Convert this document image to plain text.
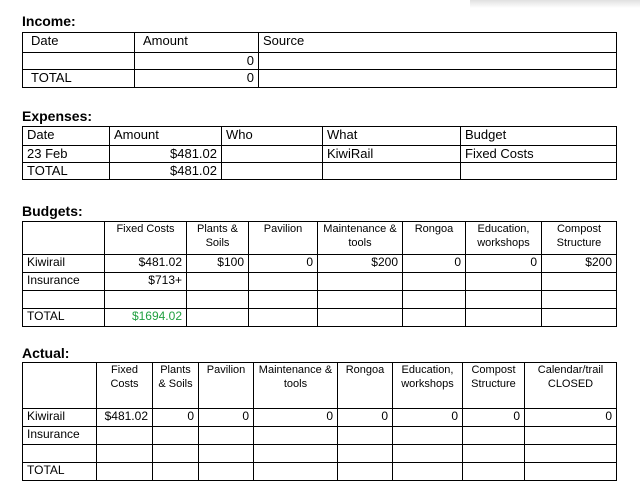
Income:
Date	Amount	Source
	0	
TOTAL	0	
Expenses:
Date	Amount	Who	What	Budget
23 Feb	$481.02		KiwiRail	Fixed Costs
TOTAL	$481.02			
Budgets:
	Fixed Costs	Plants & Soils	Pavilion	Maintenance & tools	Rongoa	Education, workshops	Compost Structure
Kiwirail	$481.02	$100	0	$200	0	0	$200
Insurance	$713+						

TOTAL	$1694.02						
Actual:
	Fixed Costs	Plants & Soils	Pavilion	Maintenance & tools	Rongoa	Education, workshops	Compost Structure	Calendar/trail CLOSED
Kiwirail	$481.02	0	0	0	0	0	0	0
Insurance								

TOTAL								
